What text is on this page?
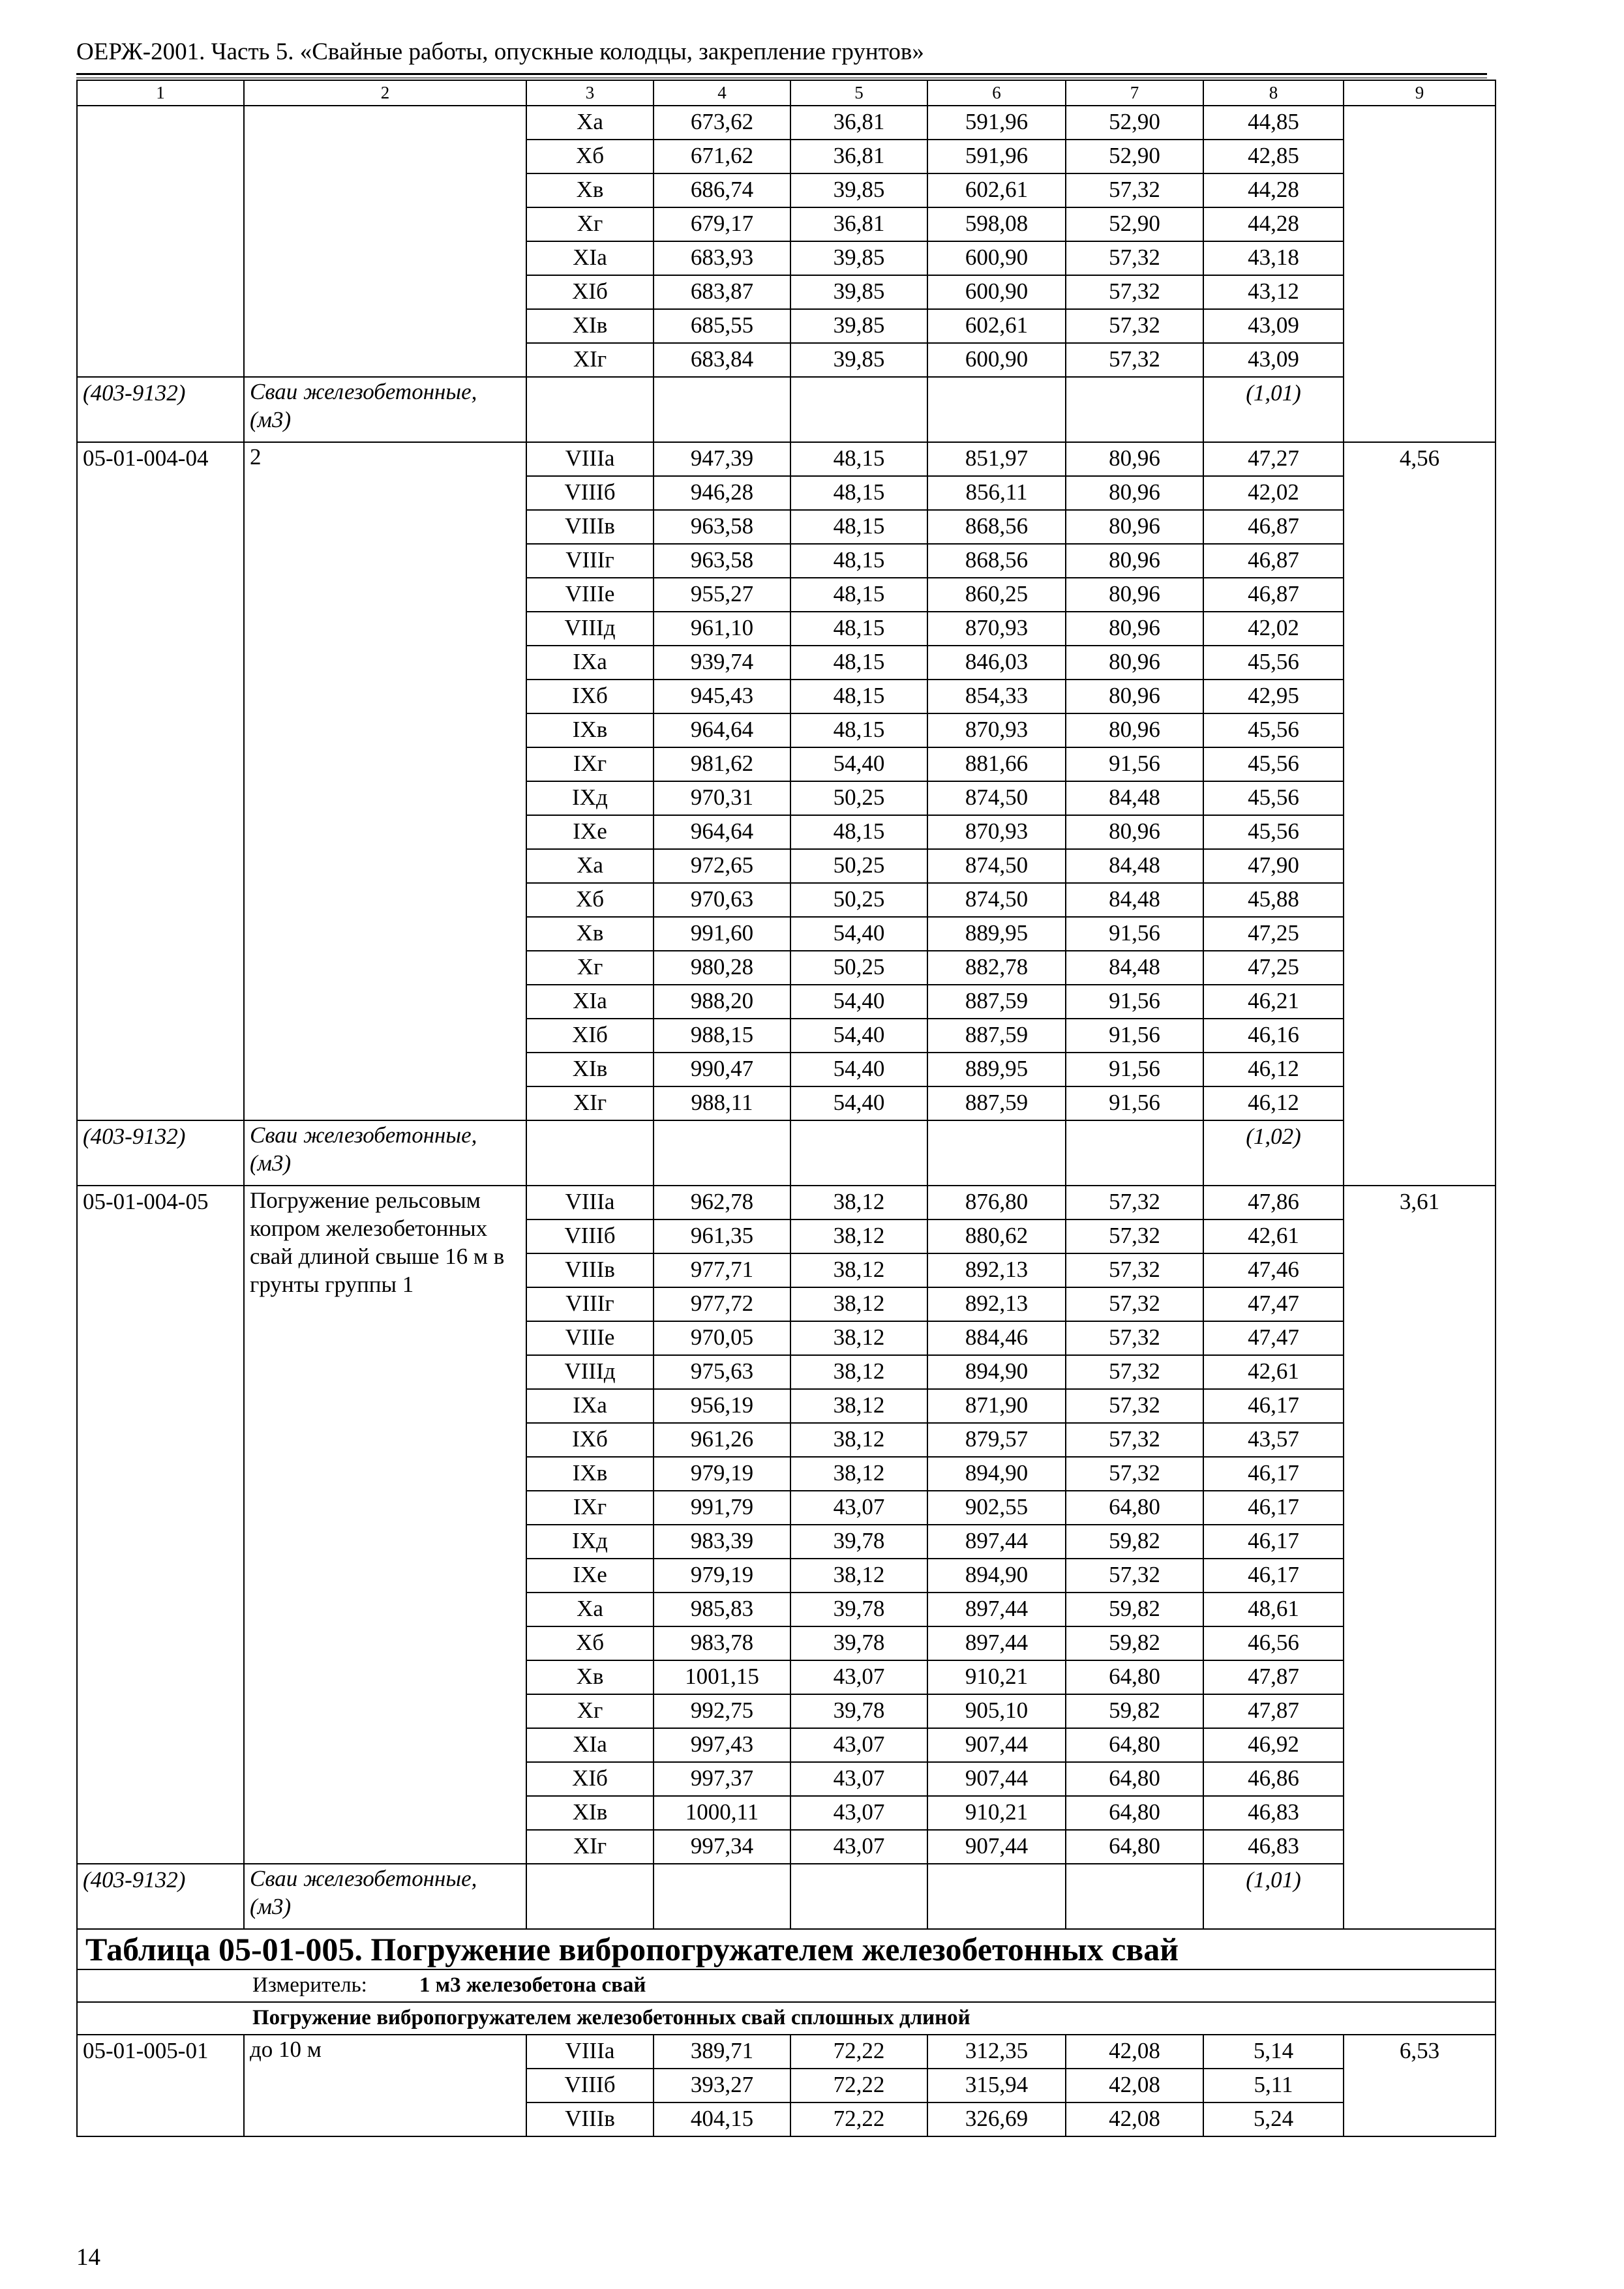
ОЕРЖ-2001. Часть 5. «Свайные работы, опускные колодцы, закрепление грунтов»
1	2	3	4	5	6	7	8	9
		Xa	673,62	36,81	591,96	52,90	44,85	
		Xб	671,62	36,81	591,96	52,90	42,85	
		Xв	686,74	39,85	602,61	57,32	44,28	
		Xг	679,17	36,81	598,08	52,90	44,28	
		XIa	683,93	39,85	600,90	57,32	43,18	
		XIб	683,87	39,85	600,90	57,32	43,12	
		XIв	685,55	39,85	602,61	57,32	43,09	
		XIг	683,84	39,85	600,90	57,32	43,09	
(403-9132)	Сваи железобетонные, (м3)						(1,01)	
05-01-004-04	2	VIIIa	947,39	48,15	851,97	80,96	47,27	4,56
		VIIIб	946,28	48,15	856,11	80,96	42,02	
		VIIIв	963,58	48,15	868,56	80,96	46,87	
		VIIIг	963,58	48,15	868,56	80,96	46,87	
		VIIIe	955,27	48,15	860,25	80,96	46,87	
		VIIIд	961,10	48,15	870,93	80,96	42,02	
		IXa	939,74	48,15	846,03	80,96	45,56	
		IXб	945,43	48,15	854,33	80,96	42,95	
		IXв	964,64	48,15	870,93	80,96	45,56	
		IXг	981,62	54,40	881,66	91,56	45,56	
		IXд	970,31	50,25	874,50	84,48	45,56	
		IXe	964,64	48,15	870,93	80,96	45,56	
		Xa	972,65	50,25	874,50	84,48	47,90	
		Xб	970,63	50,25	874,50	84,48	45,88	
		Xв	991,60	54,40	889,95	91,56	47,25	
		Xг	980,28	50,25	882,78	84,48	47,25	
		XIa	988,20	54,40	887,59	91,56	46,21	
		XIб	988,15	54,40	887,59	91,56	46,16	
		XIв	990,47	54,40	889,95	91,56	46,12	
		XIг	988,11	54,40	887,59	91,56	46,12	
(403-9132)	Сваи железобетонные, (м3)						(1,02)	
05-01-004-05	Погружение рельсовым копром железобетонных свай длиной свыше 16 м в грунты группы 1	VIIIa	962,78	38,12	876,80	57,32	47,86	3,61
		VIIIб	961,35	38,12	880,62	57,32	42,61	
		VIIIв	977,71	38,12	892,13	57,32	47,46	
		VIIIг	977,72	38,12	892,13	57,32	47,47	
		VIIIe	970,05	38,12	884,46	57,32	47,47	
		VIIIд	975,63	38,12	894,90	57,32	42,61	
		IXa	956,19	38,12	871,90	57,32	46,17	
		IXб	961,26	38,12	879,57	57,32	43,57	
		IXв	979,19	38,12	894,90	57,32	46,17	
		IXг	991,79	43,07	902,55	64,80	46,17	
		IXд	983,39	39,78	897,44	59,82	46,17	
		IXe	979,19	38,12	894,90	57,32	46,17	
		Xa	985,83	39,78	897,44	59,82	48,61	
		Xб	983,78	39,78	897,44	59,82	46,56	
		Xв	1001,15	43,07	910,21	64,80	47,87	
		Xг	992,75	39,78	905,10	59,82	47,87	
		XIa	997,43	43,07	907,44	64,80	46,92	
		XIб	997,37	43,07	907,44	64,80	46,86	
		XIв	1000,11	43,07	910,21	64,80	46,83	
		XIг	997,34	43,07	907,44	64,80	46,83	
(403-9132)	Сваи железобетонные, (м3)						(1,01)	
Таблица 05-01-005. Погружение вибропогружателем железобетонных свай								
Измеритель: 1 м3 железобетона свай								
Погружение вибропогружателем железобетонных свай сплошных длиной								
05-01-005-01	до 10 м	VIIIa	389,71	72,22	312,35	42,08	5,14	6,53
		VIIIб	393,27	72,22	315,94	42,08	5,11	
		VIIIв	404,15	72,22	326,69	42,08	5,24	
14
